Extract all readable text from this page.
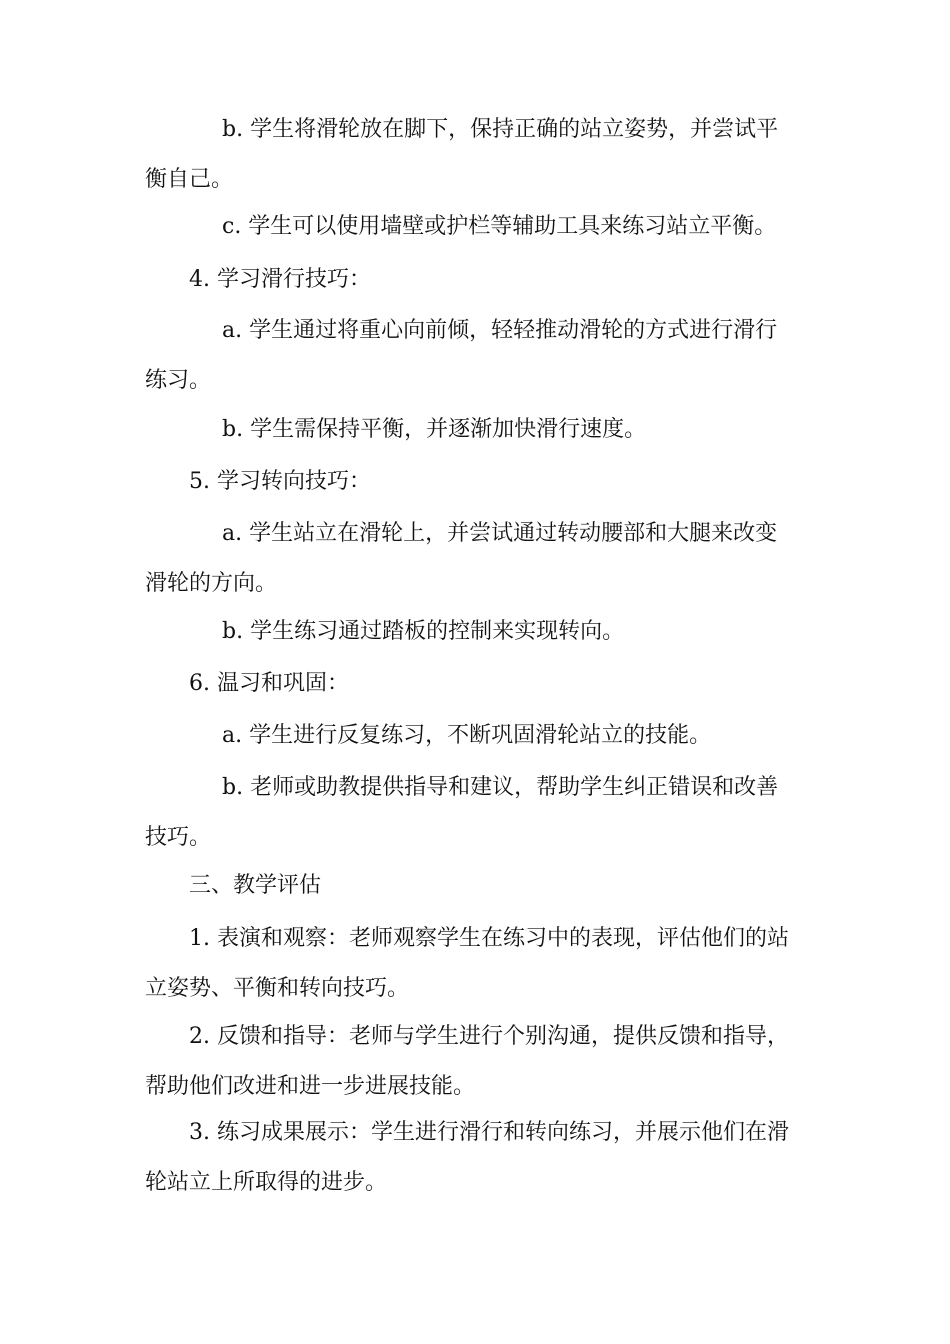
b. 学生将滑轮放在脚下，保持正确的站立姿势，并尝试平
衡自己。
c. 学生可以使用墙壁或护栏等辅助工具来练习站立平衡。
4. 学习滑行技巧：
a. 学生通过将重心向前倾，轻轻推动滑轮的方式进行滑行
练习。
b. 学生需保持平衡，并逐渐加快滑行速度。
5. 学习转向技巧：
a. 学生站立在滑轮上，并尝试通过转动腰部和大腿来改变
滑轮的方向。
b. 学生练习通过踏板的控制来实现转向。
6. 温习和巩固：
a. 学生进行反复练习，不断巩固滑轮站立的技能。
b. 老师或助教提供指导和建议，帮助学生纠正错误和改善
技巧。
三、教学评估
1. 表演和观察：老师观察学生在练习中的表现，评估他们的站
立姿势、平衡和转向技巧。
2. 反馈和指导：老师与学生进行个别沟通，提供反馈和指导，
帮助他们改进和进一步进展技能。
3. 练习成果展示：学生进行滑行和转向练习，并展示他们在滑
轮站立上所取得的进步。
